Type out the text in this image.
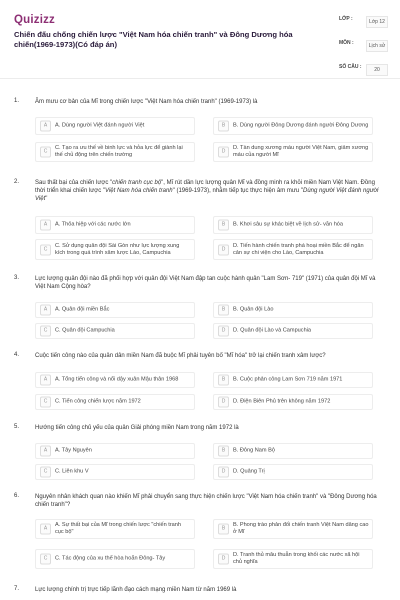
Quizizz
Chiến đấu chống chiến lược "Việt Nam hóa chiến tranh" và Đông Dương hóa chiến(1969-1973)(Có đáp án)
LỚP :	Lớp 12
MÔN :	Lịch sử
SỐ CÂU :	20
1.	Âm mưu cơ bản của Mĩ trong chiến lược "Việt Nam hóa chiến tranh" (1969-1973) là
A	A. Dùng người Việt đánh người Việt	B	B. Dùng người Đông Dương đánh người Đông Dương
C
C. Tạo ra ưu thế về binh lực và hỏa lực để giành lại thế chủ động trên chiến trường
D
D. Tàn dung xương máu người Việt Nam, giảm xương máu của người Mĩ
2.	Sau thất bại của chiến lược "chiến tranh cục bộ", Mĩ rút dần lực lượng quân Mĩ và đồng minh ra khỏi miền Nam Việt Nam. Đồng thời triển khai chiến lược "Việt Nam hóa chiến tranh" (1969-1973), nhằm tiếp tục thực hiện âm mưu "Dùng người Việt đánh người Việt"
A	A. Thỏa hiệp với các nước lớn	B	B. Khơi sâu sự khác biệt về lịch sử- văn hóa
C
C. Sử dụng quân đội Sài Gòn như lực lượng xung kích trong quá trình xâm lược Lào, Campuchia
D
D. Tiến hành chiến tranh phá hoại miền Bắc để ngăn cản sự chi viện cho Lào, Campuchia
3.	Lực lượng quân đội nào đã phối hợp với quân đội Việt Nam đập tan cuộc hành quân "Lam Sơn- 719" (1971) của quân đội Mĩ và Việt Nam Cộng hòa?
A	A. Quân đội miền Bắc	B	B. Quân đội Lào
C	C. Quân đội Campuchia	D	D. Quân đội Lào và Campuchia
4.	Cuộc tiến công nào của quân dân miền Nam đã buộc Mĩ phải tuyên bố "Mĩ hóa" trở lại chiến tranh xâm lược?
A	A. Tổng tiến công và nổi dậy xuân Mậu thân 1968	B	B. Cuộc phản công Lam Sơn 719 năm 1971
C	C. Tiến công chiến lược năm 1972	D	D. Điện Biên Phủ trên không năm 1972
5.	Hướng tiến công chủ yếu của quân Giải phóng miền Nam trong năm 1972 là
A	A. Tây Nguyên	B	B. Đông Nam Bộ
C	C. Liên khu V	D	D. Quảng Trị
6.	Nguyên nhân khách quan nào khiến Mĩ phải chuyển sang thực hiện chiến lược "Việt Nam hóa chiến tranh" và "Đông Dương hóa chiến tranh"?
A
A. Sự thất bại của Mĩ trong chiến lược "chiến tranh cục bộ"
B
B. Phong trào phản đối chiến tranh Việt Nam dâng cao ở Mĩ
C	C. Tác động của xu thế hòa hoãn Đông- Tây	D
D. Tranh thủ mâu thuẫn trong khối các nước xã hội chủ nghĩa
7.	Lực lượng chính trị trực tiếp lãnh đạo cách mạng miền Nam từ năm 1969 là
